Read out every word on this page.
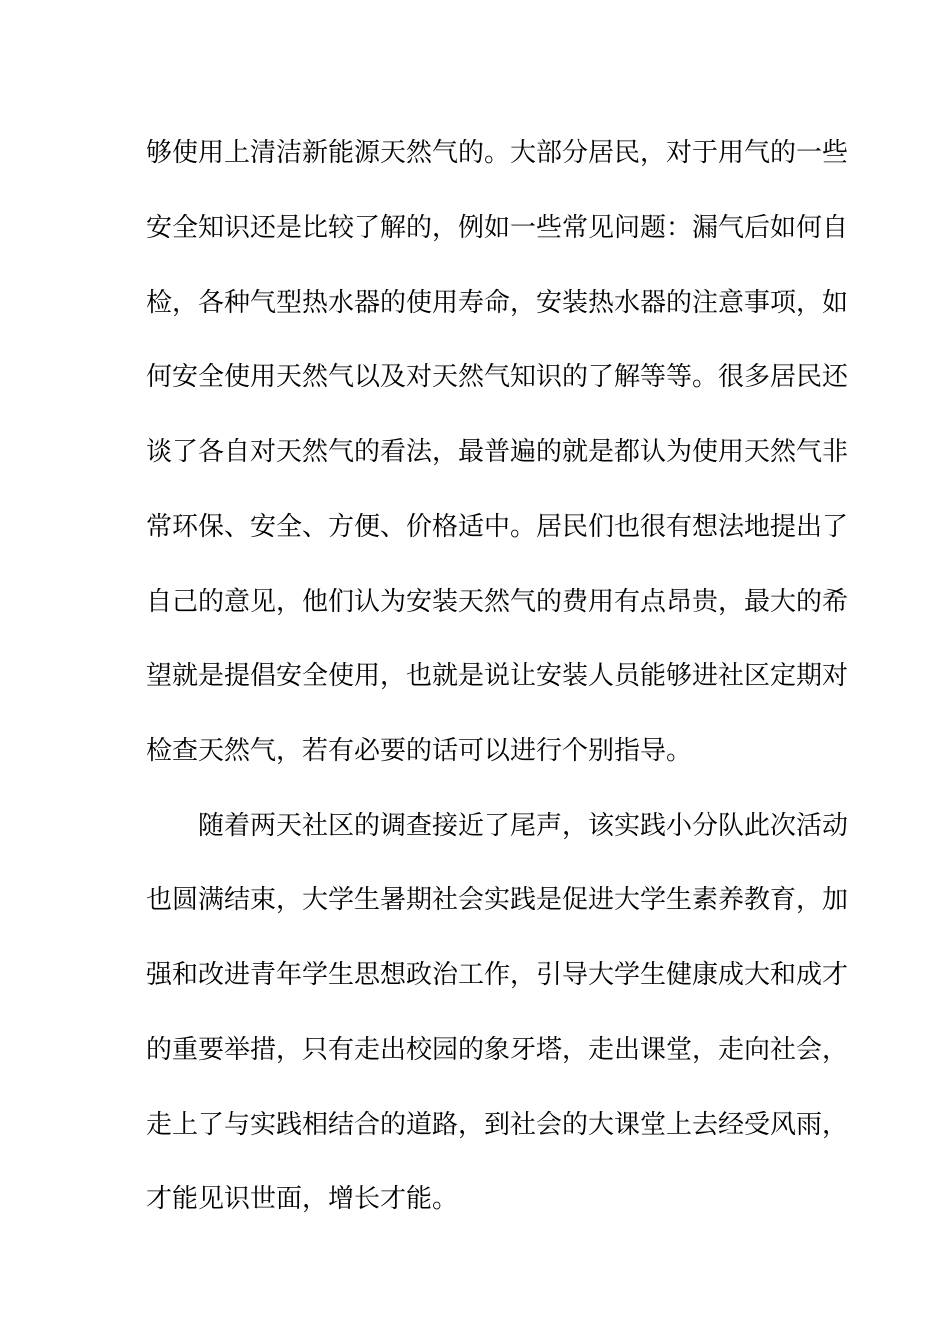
够使用上清洁新能源天然气的。大部分居民，对于用气的一些
安全知识还是比较了解的，例如一些常见问题：漏气后如何自
检，各种气型热水器的使用寿命，安装热水器的注意事项，如
何安全使用天然气以及对天然气知识的了解等等。很多居民还
谈了各自对天然气的看法，最普遍的就是都认为使用天然气非
常环保、安全、方便、价格适中。居民们也很有想法地提出了
自己的意见，他们认为安装天然气的费用有点昂贵，最大的希
望就是提倡安全使用，也就是说让安装人员能够进社区定期对
检查天然气，若有必要的话可以进行个别指导。
随着两天社区的调查接近了尾声，该实践小分队此次活动
也圆满结束，大学生暑期社会实践是促进大学生素养教育，加
强和改进青年学生思想政治工作，引导大学生健康成大和成才
的重要举措，只有走出校园的象牙塔，走出课堂，走向社会，
走上了与实践相结合的道路，到社会的大课堂上去经受风雨，
才能见识世面，增长才能。
